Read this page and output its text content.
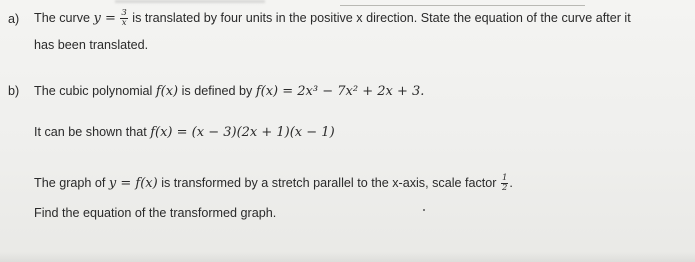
a) The curve $y = \frac{3}{x}$ is translated by four units in the positive x direction. State the equation of the curve after it
has been translated.
b) The cubic polynomial f(x) is defined by f(x) = 2x³ − 7x² + 2x + 3.
It can be shown that f(x) = (x − 3)(2x + 1)(x − 1)
The graph of y = f(x) is transformed by a stretch parallel to the x-axis, scale factor $\frac{1}{2}$ .
Find the equation of the transformed graph.
